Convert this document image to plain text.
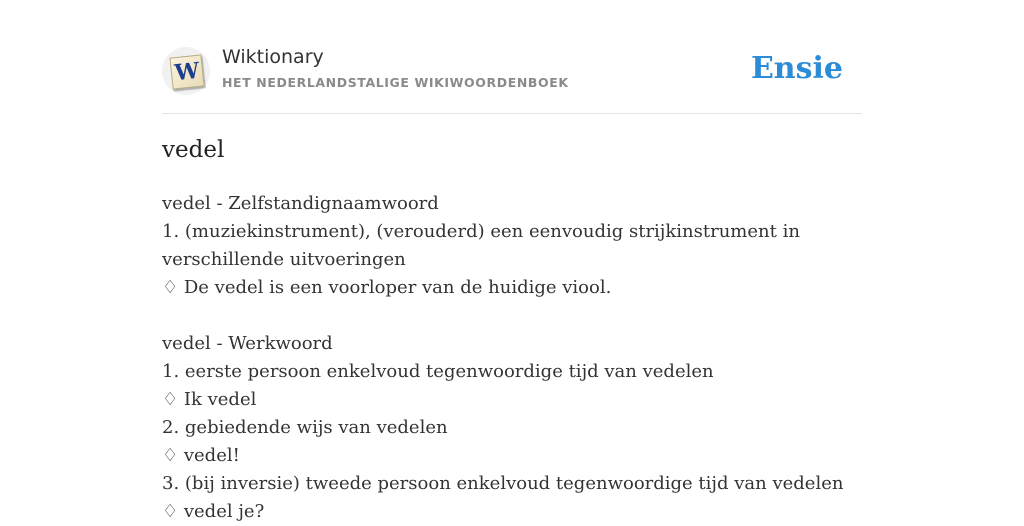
W
Wiktionary
HET NEDERLANDSTALIGE WIKIWOORDENBOEK	Ensie
vedel
vedel - Zelfstandignaamwoord
1. (muziekinstrument), (verouderd) een eenvoudig strijkinstrument in verschillende uitvoeringen
♢ De vedel is een voorloper van de huidige viool.
vedel - Werkwoord
1. eerste persoon enkelvoud tegenwoordige tijd van vedelen
♢ Ik vedel
2. gebiedende wijs van vedelen
♢ vedel!
3. (bij inversie) tweede persoon enkelvoud tegenwoordige tijd van vedelen
♢ vedel je?
